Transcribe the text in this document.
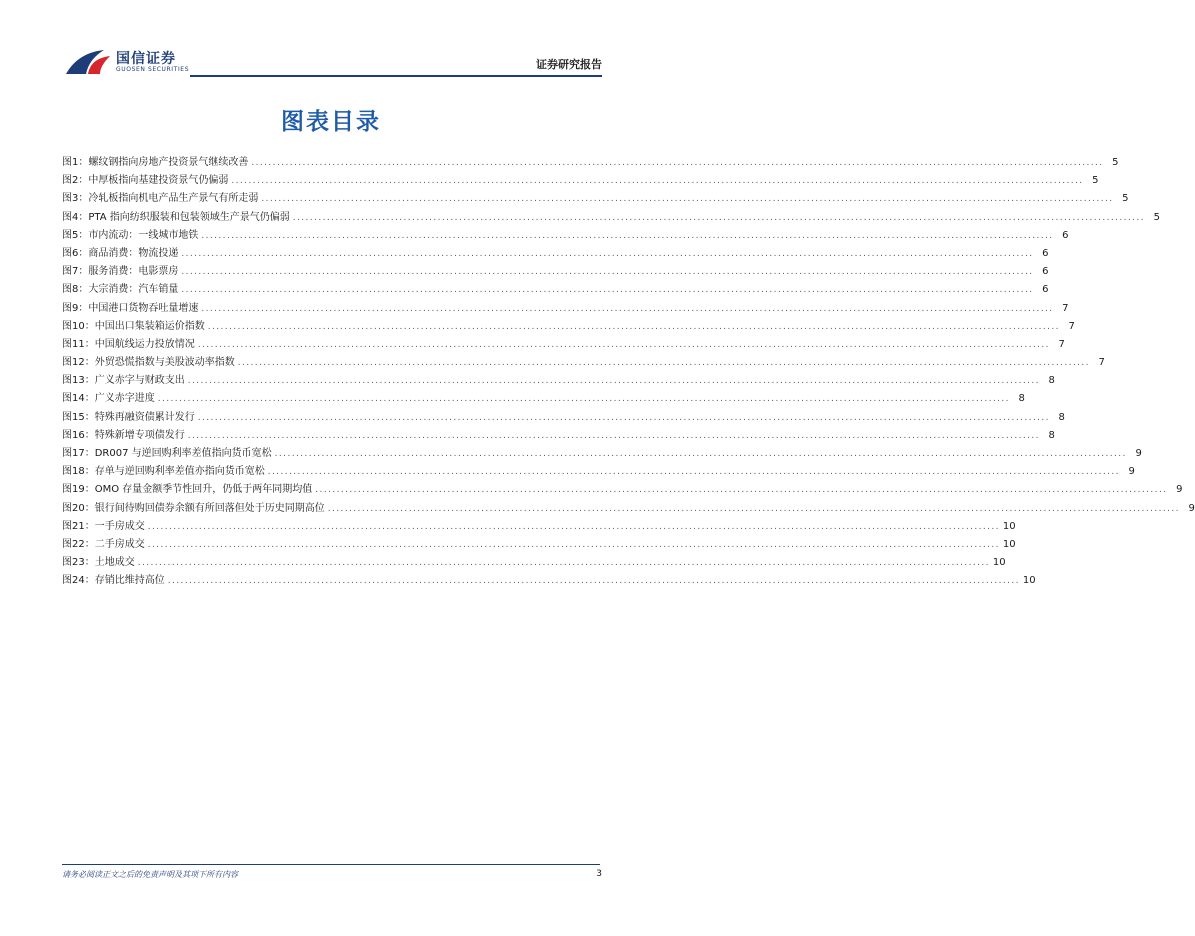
国信证券
GUOSEN SECURITIES	证券研究报告
图表目录
图1： 螺纹钢指向房地产投资景气继续改善 ........................................................................................................................................................................................................ 5
图2： 中厚板指向基建投资景气仍偏弱 ........................................................................................................................................................................................................ 5
图3： 冷轧板指向机电产品生产景气有所走弱 ........................................................................................................................................................................................................ 5
图4： PTA 指向纺织服装和包装领域生产景气仍偏弱 ........................................................................................................................................................................................................ 5
图5： 市内流动：一线城市地铁 ........................................................................................................................................................................................................ 6
图6： 商品消费：物流投递 ........................................................................................................................................................................................................ 6
图7： 服务消费：电影票房 ........................................................................................................................................................................................................ 6
图8： 大宗消费：汽车销量 ........................................................................................................................................................................................................ 6
图9： 中国港口货物吞吐量增速 ........................................................................................................................................................................................................ 7
图10： 中国出口集装箱运价指数 ........................................................................................................................................................................................................ 7
图11： 中国航线运力投放情况 ........................................................................................................................................................................................................ 7
图12： 外贸恐慌指数与美股波动率指数 ........................................................................................................................................................................................................ 7
图13： 广义赤字与财政支出 ........................................................................................................................................................................................................ 8
图14： 广义赤字进度 ........................................................................................................................................................................................................ 8
图15： 特殊再融资债累计发行 ........................................................................................................................................................................................................ 8
图16： 特殊新增专项债发行 ........................................................................................................................................................................................................ 8
图17： DR007 与逆回购利率差值指向货币宽松 ........................................................................................................................................................................................................ 9
图18： 存单与逆回购利率差值亦指向货币宽松 ........................................................................................................................................................................................................ 9
图19： OMO 存量金额季节性回升，仍低于两年同期均值 ........................................................................................................................................................................................................ 9
图20： 银行间待购回债券余额有所回落但处于历史同期高位 ........................................................................................................................................................................................................ 9
图21： 一手房成交 ........................................................................................................................................................................................................ 10
图22： 二手房成交 ........................................................................................................................................................................................................ 10
图23： 土地成交 ........................................................................................................................................................................................................ 10
图24： 存销比维持高位 ........................................................................................................................................................................................................ 10
请务必阅读正文之后的免责声明及其项下所有内容	3
